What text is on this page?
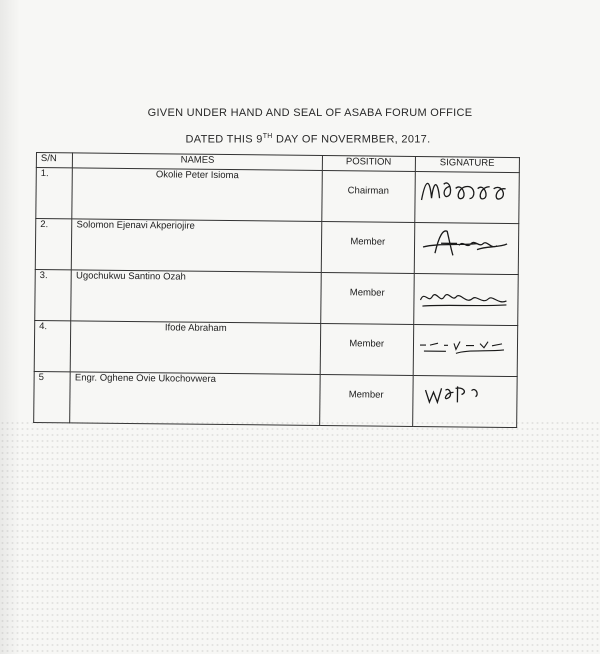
GIVEN UNDER HAND AND SEAL OF ASABA FORUM OFFICE
DATED THIS 9TH DAY OF NOVERMBER, 2017.
S/N	NAMES	POSITION	SIGNATURE
1.	Okolie Peter Isioma	Chairman	

2.	Solomon Ejenavi Akperiojire	Member	

3.	Ugochukwu Santino Ozah	Member	

4.	Ifode Abraham	Member	

5	Engr. Oghene Ovie Ukochovwera	Member	
